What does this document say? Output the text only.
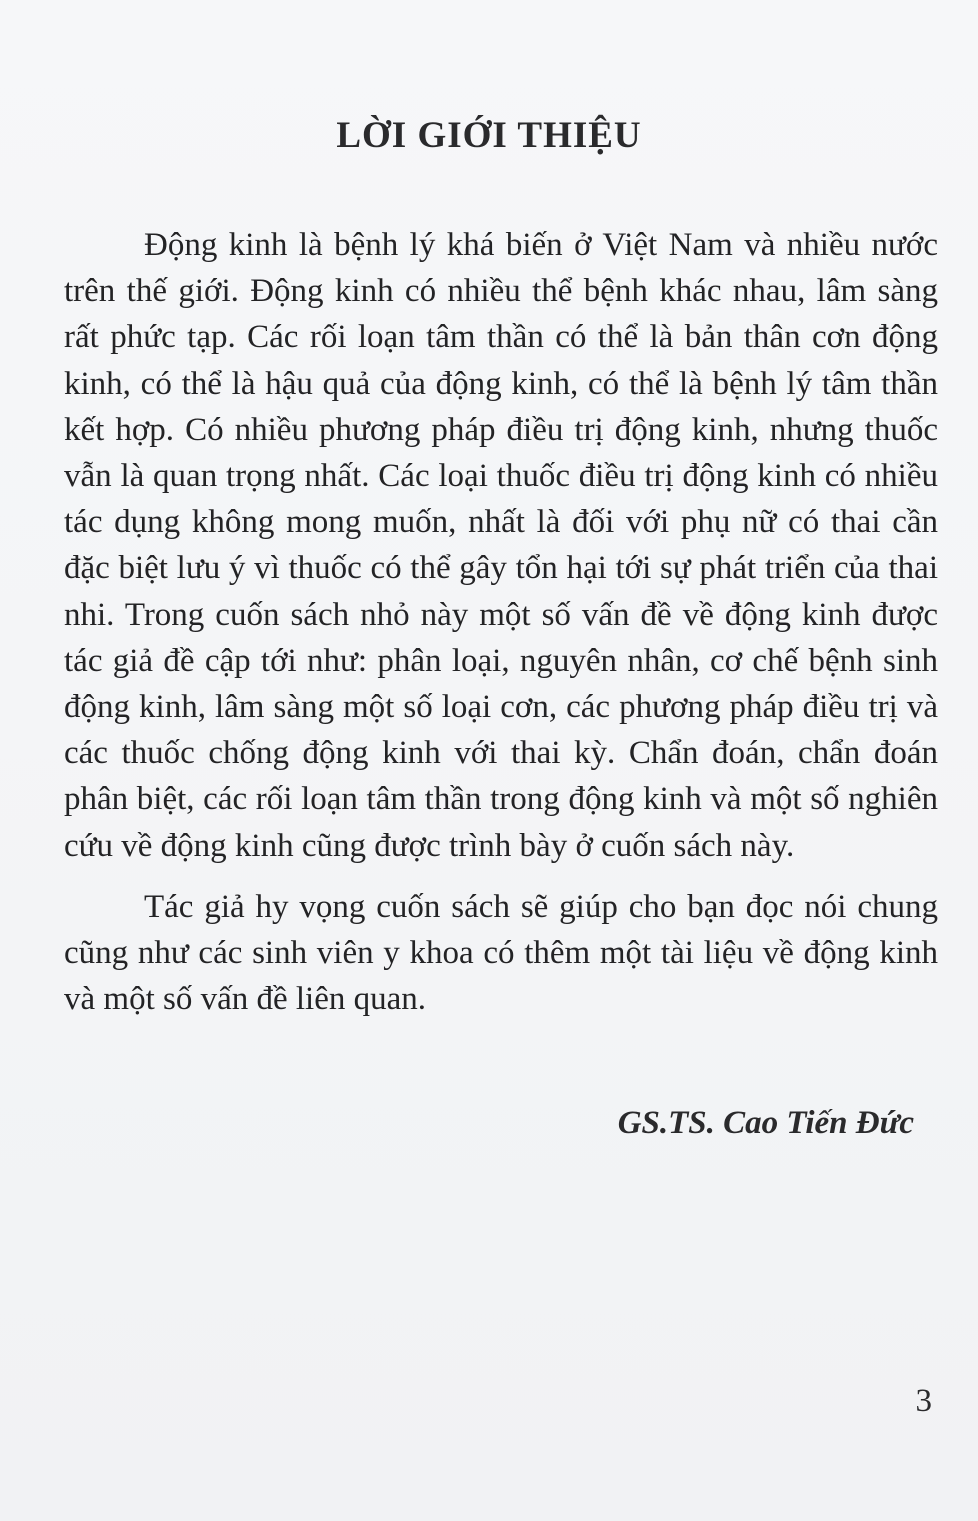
LỜI GIỚI THIỆU

Động kinh là bệnh lý khá biến ở Việt Nam và nhiều nước trên thế giới. Động kinh có nhiều thể bệnh khác nhau, lâm sàng rất phức tạp. Các rối loạn tâm thần có thể là bản thân cơn động kinh, có thể là hậu quả của động kinh, có thể là bệnh lý tâm thần kết hợp. Có nhiều phương pháp điều trị động kinh, nhưng thuốc vẫn là quan trọng nhất. Các loại thuốc điều trị động kinh có nhiều tác dụng không mong muốn, nhất là đối với phụ nữ có thai cần đặc biệt lưu ý vì thuốc có thể gây tổn hại tới sự phát triển của thai nhi. Trong cuốn sách nhỏ này một số vấn đề về động kinh được tác giả đề cập tới như: phân loại, nguyên nhân, cơ chế bệnh sinh động kinh, lâm sàng một số loại cơn, các phương pháp điều trị và các thuốc chống động kinh với thai kỳ. Chẩn đoán, chẩn đoán phân biệt, các rối loạn tâm thần trong động kinh và một số nghiên cứu về động kinh cũng được trình bày ở cuốn sách này.

Tác giả hy vọng cuốn sách sẽ giúp cho bạn đọc nói chung cũng như các sinh viên y khoa có thêm một tài liệu về động kinh và một số vấn đề liên quan.

GS.TS. Cao Tiến Đức
3
